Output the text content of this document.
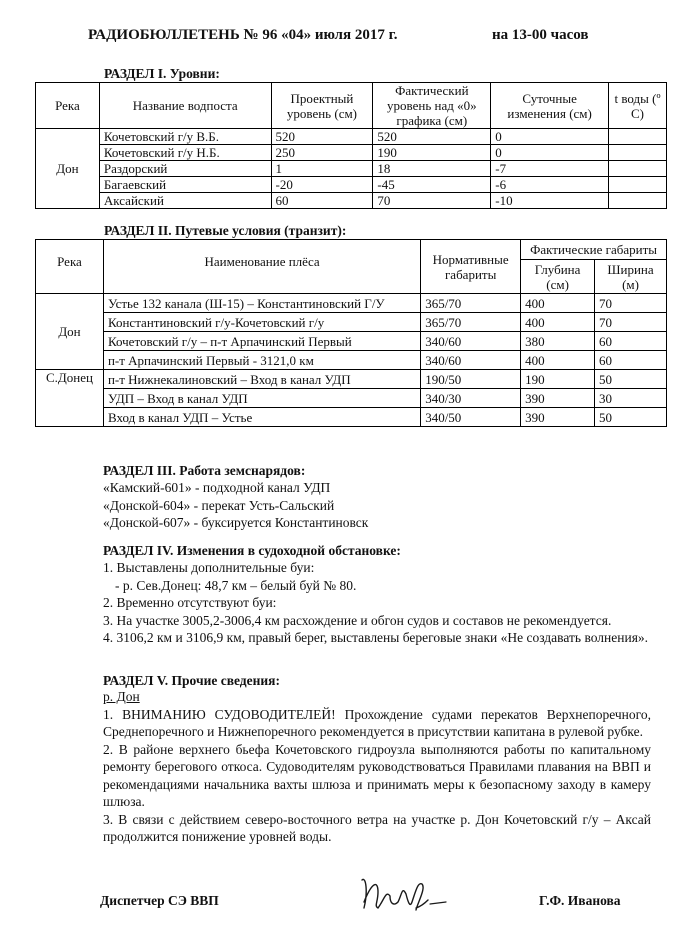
РАДИОБЮЛЛЕТЕНЬ № 96 «04» июля 2017 г.	на 13-00 часов
РАЗДЕЛ I. Уровни:
Река	Название водпоста	Проектный уровень (см)	Фактический уровень над «0» графика (см)	Суточные изменения (см)	t воды (º С)
Дон	Кочетовский г/у В.Б.	520	520	0	
	Кочетовский г/у Н.Б.	250	190	0	
	Раздорский	1	18	-7	
	Багаевский	-20	-45	-6	
	Аксайский	60	70	-10	
РАЗДЕЛ II. Путевые условия (транзит):
Река	Наименование плёса	Нормативные габариты	Фактические габариты	
			Глубина (см)	Ширина (м)
Дон	Устье 132 канала (Ш-15) – Константиновский Г/У	365/70	400	70
	Константиновский г/у-Кочетовский г/у	365/70	400	70
	Кочетовский г/у – п-т Арпачинский Первый	340/60	380	60
	п-т Арпачинский Первый - 3121,0 км	340/60	400	60
С.Донец	п-т Нижнекалиновский – Вход в канал УДП	190/50	190	50
	УДП – Вход в канал УДП	340/30	390	30
	Вход в канал УДП – Устье	340/50	390	50
РАЗДЕЛ III. Работа земснарядов:
«Камский-601» - подходной канал УДП
«Донской-604» - перекат Усть-Сальский
«Донской-607» - буксируется Константиновск
РАЗДЕЛ IV. Изменения в судоходной обстановке:
1. Выставлены дополнительные буи:
- р. Сев.Донец: 48,7 км – белый буй № 80.
2. Временно отсутствуют буи:
3. На участке 3005,2-3006,4 км расхождение и обгон судов и составов не рекомендуется.
4. 3106,2 км и 3106,9 км, правый берег, выставлены береговые знаки «Не создавать волнения».
РАЗДЕЛ V. Прочие сведения:
р. Дон
1. ВНИМАНИЮ СУДОВОДИТЕЛЕЙ! Прохождение судами перекатов Верхнепоречного, Среднепоречного и Нижнепоречного рекомендуется в присутствии капитана в рулевой рубке.
2. В районе верхнего бьефа Кочетовского гидроузла выполняются работы по капитальному ремонту берегового откоса. Судоводителям руководствоваться Правилами плавания на ВВП и рекомендациями начальника вахты шлюза и принимать меры к безопасному заходу в камеру шлюза.
3. В связи с действием северо-восточного ветра на участке р. Дон Кочетовский г/у – Аксай продолжится понижение уровней воды.
Диспетчер СЭ ВВП	Г.Ф. Иванова
